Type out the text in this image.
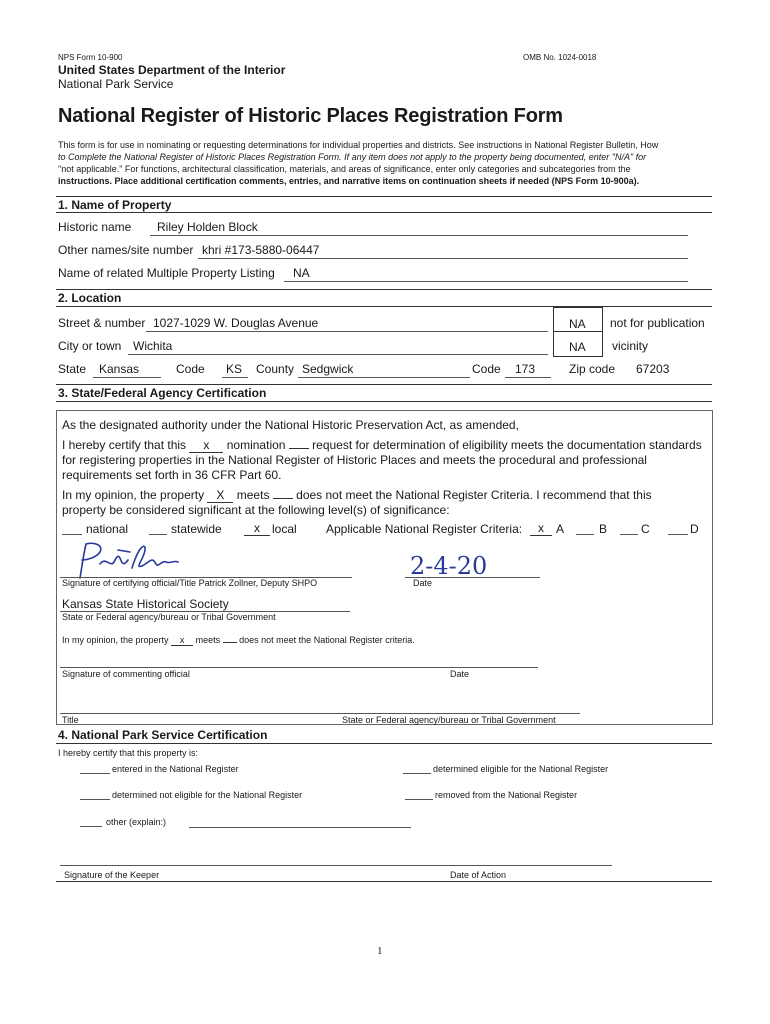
NPS Form 10-900	OMB No. 1024-0018
United States Department of the Interior
National Park Service
National Register of Historic Places Registration Form
This form is for use in nominating or requesting determinations for individual properties and districts. See instructions in National Register Bulletin, How
to Complete the National Register of Historic Places Registration Form. If any item does not apply to the property being documented, enter "N/A" for
"not applicable." For functions, architectural classification, materials, and areas of significance, enter only categories and subcategories from the
instructions. Place additional certification comments, entries, and narrative items on continuation sheets if needed (NPS Form 10-900a).
1. Name of Property
Historic name Riley Holden Block
Other names/site number khri #173-5880-06447
Name of related Multiple Property Listing NA
2. Location
Street & number 1027-1029 W. Douglas Avenue	NA not for publication
City or town Wichita	NA vicinity
State Kansas	Code KS County Sedgwick	Code 173	Zip code 67203
3. State/Federal Agency Certification
As the designated authority under the National Historic Preservation Act, as amended,
I hereby certify that this x nomination request for determination of eligibility meets the documentation standards
for registering properties in the National Register of Historic Places and meets the procedural and professional
requirements set forth in 36 CFR Part 60.
In my opinion, the property X meets does not meet the National Register Criteria. I recommend that this
property be considered significant at the following level(s) of significance:
national	statewide	x	local Applicable National Register Criteria:	x	A	B	C	D
Signature of certifying official/Title Patrick Zollner, Deputy SHPO
2-4-20
Date
Kansas State Historical Society
State or Federal agency/bureau or Tribal Government
In my opinion, the property x meets does not meet the National Register criteria.
Signature of commenting official	Date
Title	State or Federal agency/bureau or Tribal Government
4. National Park Service Certification
I hereby certify that this property is:
entered in the National Register	determined eligible for the National Register
determined not eligible for the National Register	removed from the National Register
other (explain:)
Signature of the Keeper	Date of Action
1
